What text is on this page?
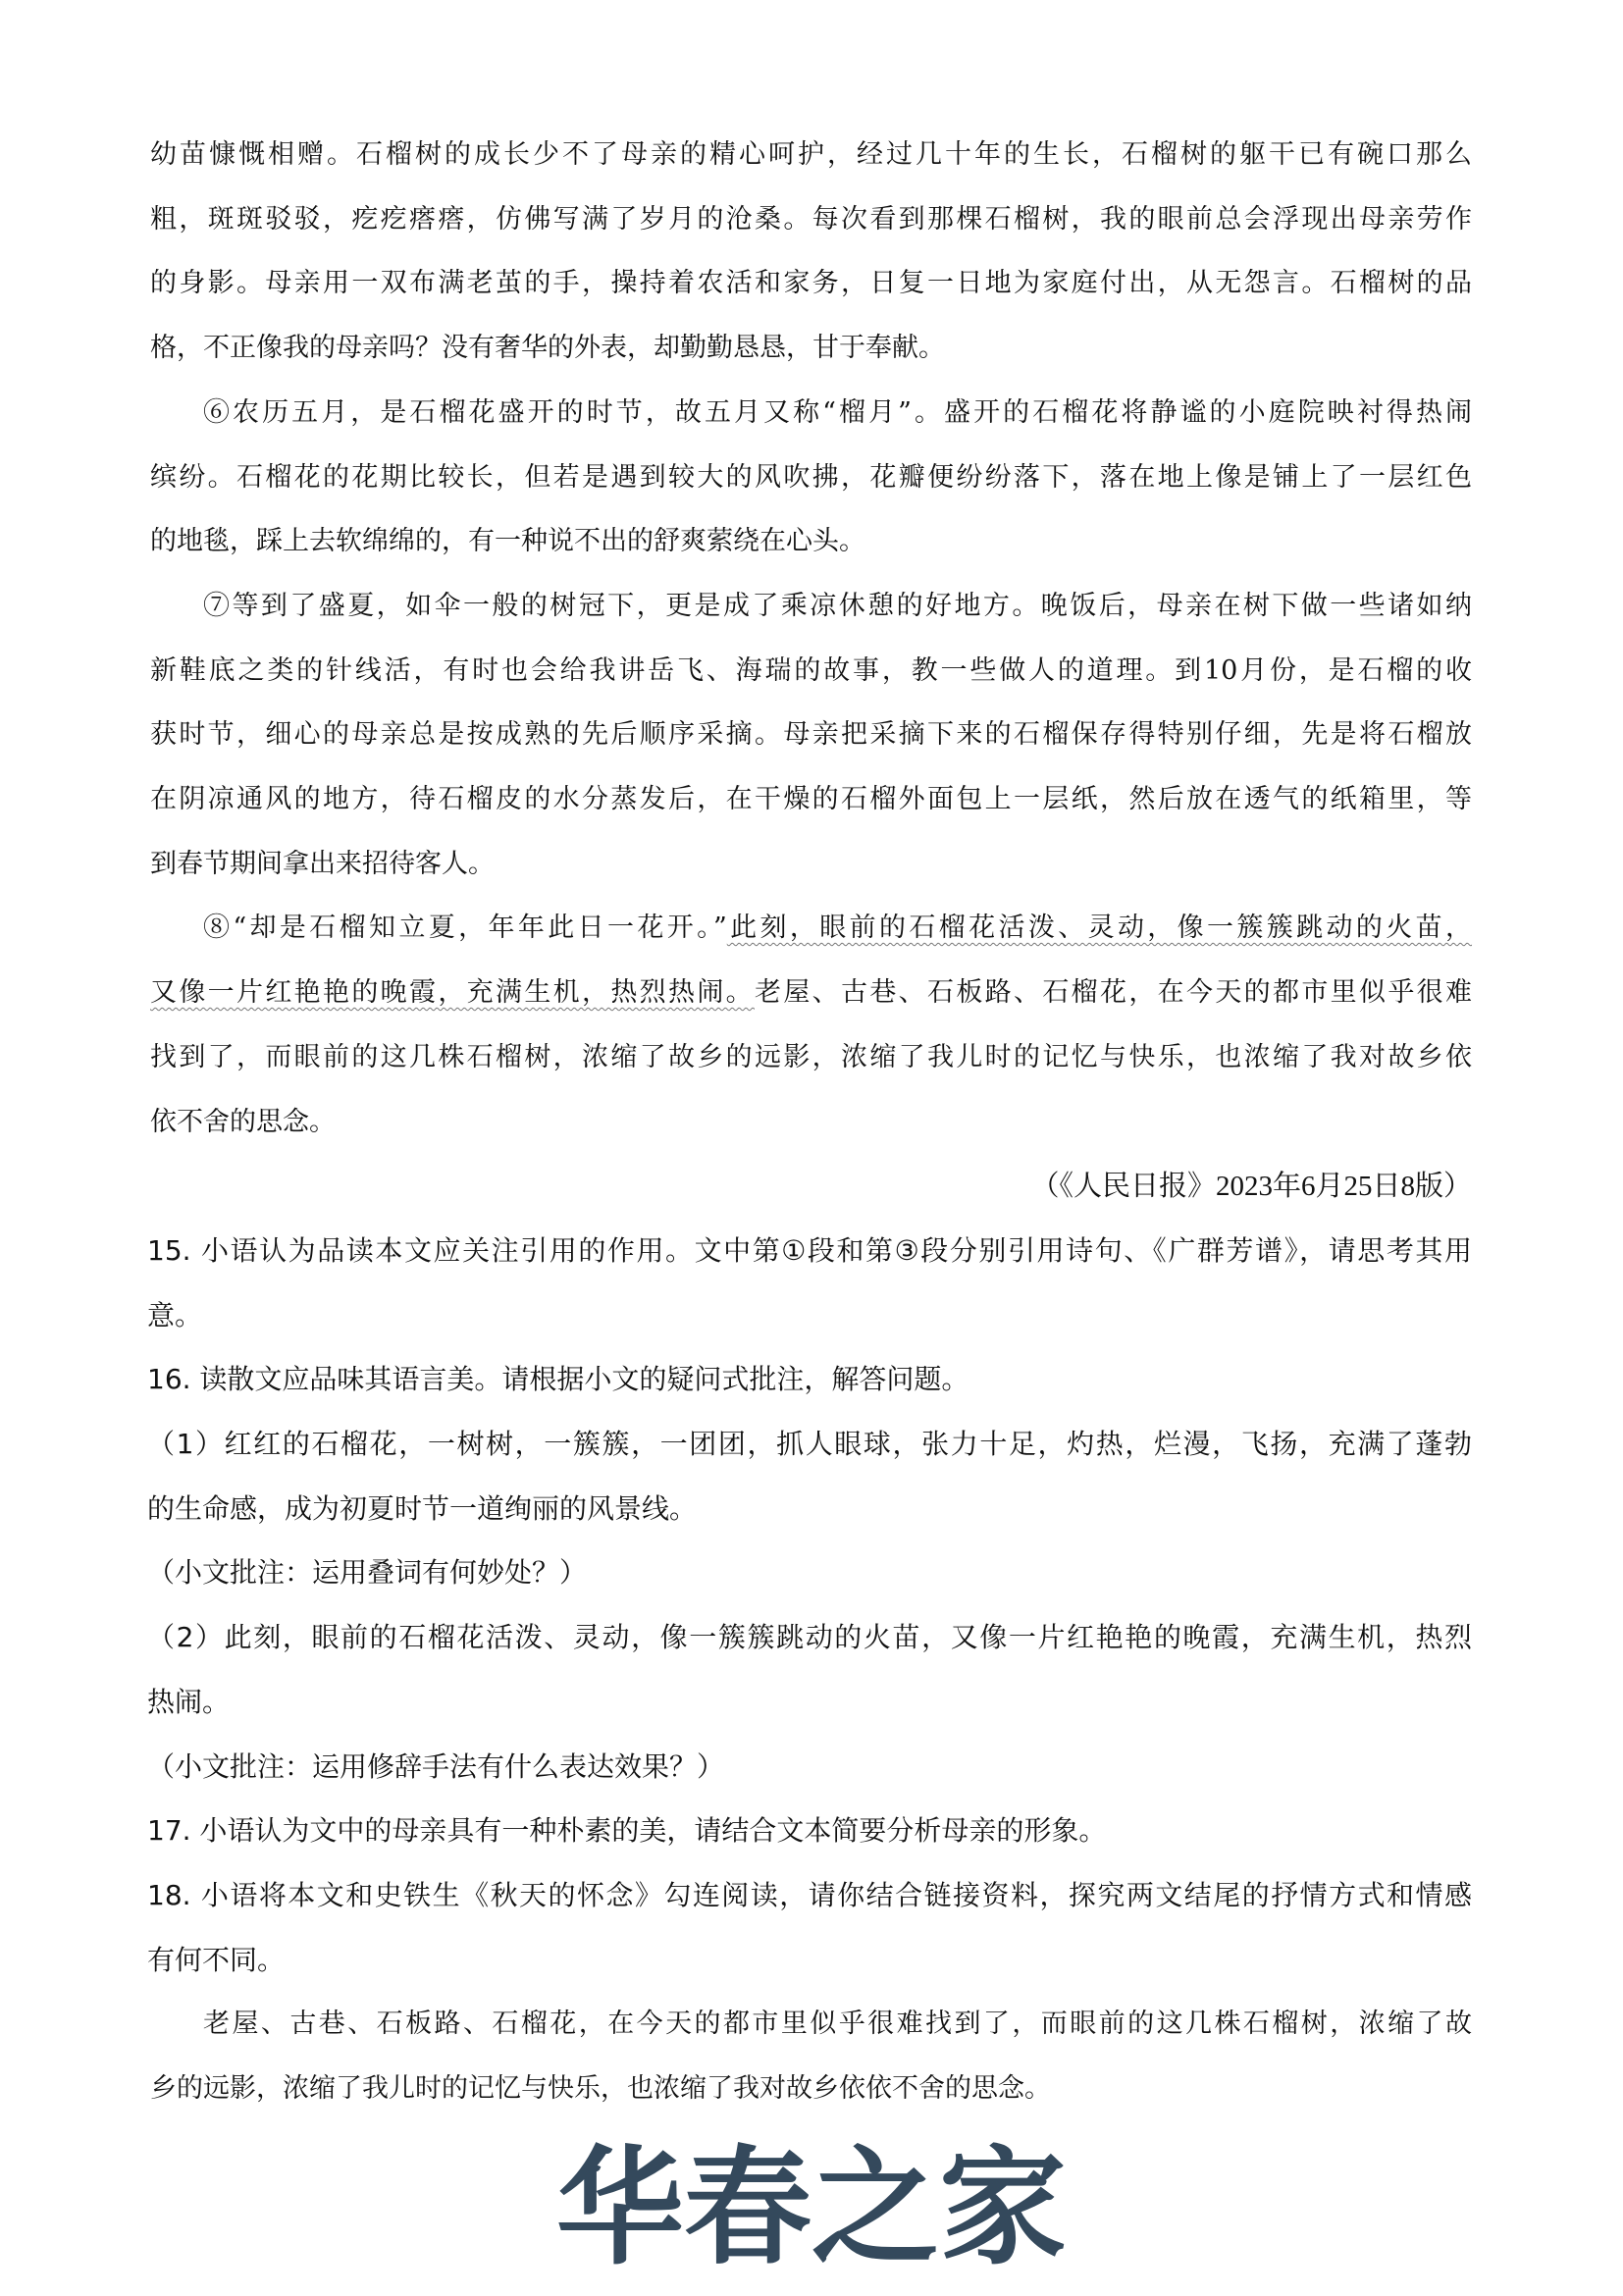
幼苗慷慨相赠。石榴树的成长少不了母亲的精心呵护，经过几十年的生长，石榴树的躯干已有碗口那么
粗，斑斑驳驳，疙疙瘩瘩，仿佛写满了岁月的沧桑。每次看到那棵石榴树，我的眼前总会浮现出母亲劳作
的身影。母亲用一双布满老茧的手，操持着农活和家务，日复一日地为家庭付出，从无怨言。石榴树的品
格，不正像我的母亲吗？没有奢华的外表，却勤勤恳恳，甘于奉献。
⑥农历五月，是石榴花盛开的时节，故五月又称“榴月”。盛开的石榴花将静谧的小庭院映衬得热闹
缤纷。石榴花的花期比较长，但若是遇到较大的风吹拂，花瓣便纷纷落下，落在地上像是铺上了一层红色
的地毯，踩上去软绵绵的，有一种说不出的舒爽萦绕在心头。
⑦等到了盛夏，如伞一般的树冠下，更是成了乘凉休憩的好地方。晚饭后，母亲在树下做一些诸如纳
新鞋底之类的针线活，有时也会给我讲岳飞、海瑞的故事，教一些做人的道理。到10月份，是石榴的收
获时节，细心的母亲总是按成熟的先后顺序采摘。母亲把采摘下来的石榴保存得特别仔细，先是将石榴放
在阴凉通风的地方，待石榴皮的水分蒸发后，在干燥的石榴外面包上一层纸，然后放在透气的纸箱里，等
到春节期间拿出来招待客人。
⑧“却是石榴知立夏，年年此日一花开。”此刻，眼前的石榴花活泼、灵动，像一簇簇跳动的火苗，
又像一片红艳艳的晚霞，充满生机，热烈热闹。老屋、古巷、石板路、石榴花，在今天的都市里似乎很难
找到了，而眼前的这几株石榴树，浓缩了故乡的远影，浓缩了我儿时的记忆与快乐，也浓缩了我对故乡依
依不舍的思念。
（《人民日报》2023年6月25日8版）
15. 小语认为品读本文应关注引用的作用。文中第①段和第③段分别引用诗句、《广群芳谱》，请思考其用
意。
16. 读散文应品味其语言美。请根据小文的疑问式批注，解答问题。
（1）红红的石榴花，一树树，一簇簇，一团团，抓人眼球，张力十足，灼热，烂漫，飞扬，充满了蓬勃
的生命感，成为初夏时节一道绚丽的风景线。
（小文批注：运用叠词有何妙处？）
（2）此刻，眼前的石榴花活泼、灵动，像一簇簇跳动的火苗，又像一片红艳艳的晚霞，充满生机，热烈
热闹。
（小文批注：运用修辞手法有什么表达效果？）
17. 小语认为文中的母亲具有一种朴素的美，请结合文本简要分析母亲的形象。
18. 小语将本文和史铁生《秋天的怀念》勾连阅读，请你结合链接资料，探究两文结尾的抒情方式和情感
有何不同。
老屋、古巷、石板路、石榴花，在今天的都市里似乎很难找到了，而眼前的这几株石榴树，浓缩了故
乡的远影，浓缩了我儿时的记忆与快乐，也浓缩了我对故乡依依不舍的思念。
华春之家
